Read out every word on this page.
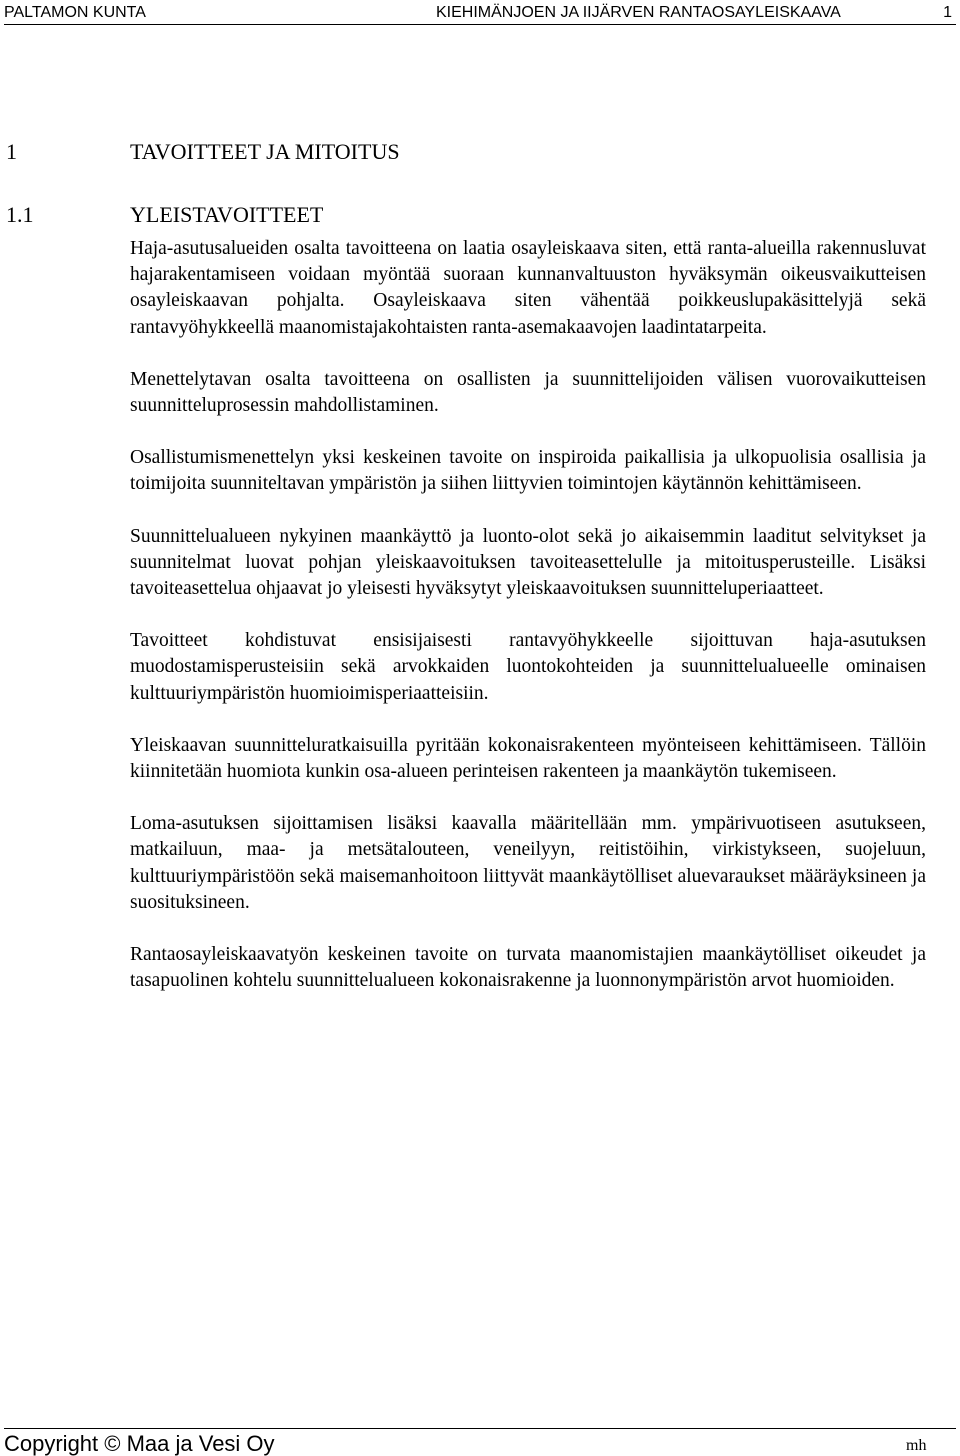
PALTAMON KUNTA	KIEHIMÄNJOEN JA IIJÄRVEN RANTAOSAYLEISKAAVA	1
1	TAVOITTEET JA MITOITUS
1.1	YLEISTAVOITTEET

Haja-asutusalueiden osalta tavoitteena on laatia osayleiskaava siten, että ranta-alueilla rakennusluvat hajarakentamiseen voidaan myöntää suoraan kunnanvaltuuston hyväksymän oikeusvaikutteisen osayleiskaavan pohjalta. Osayleiskaava siten vähentää poikkeuslupakäsittelyjä sekä rantavyöhykkeellä maanomistajakohtaisten ranta-asemakaavojen laadintatarpeita.

Menettelytavan osalta tavoitteena on osallisten ja suunnittelijoiden välisen vuorovaikutteisen suunnitteluprosessin mahdollistaminen.

Osallistumismenettelyn yksi keskeinen tavoite on inspiroida paikallisia ja ulkopuolisia osallisia ja toimijoita suunniteltavan ympäristön ja siihen liittyvien toimintojen käytännön kehittämiseen.

Suunnittelualueen nykyinen maankäyttö ja luonto-olot sekä jo aikaisemmin laaditut selvitykset ja suunnitelmat luovat pohjan yleiskaavoituksen tavoiteasettelulle ja mitoitusperusteille. Lisäksi tavoiteasettelua ohjaavat jo yleisesti hyväksytyt yleiskaavoituksen suunnitteluperiaatteet.

Tavoitteet kohdistuvat ensisijaisesti rantavyöhykkeelle sijoittuvan haja-asutuksen muodostamisperusteisiin sekä arvokkaiden luontokohteiden ja suunnittelualueelle ominaisen kulttuuriympäristön huomioimisperiaatteisiin.

Yleiskaavan suunnitteluratkaisuilla pyritään kokonaisrakenteen myönteiseen kehittämiseen. Tällöin kiinnitetään huomiota kunkin osa-alueen perinteisen rakenteen ja maankäytön tukemiseen.

Loma-asutuksen sijoittamisen lisäksi kaavalla määritellään mm. ympärivuotiseen asutukseen, matkailuun, maa- ja metsätalouteen, veneilyyn, reitistöihin, virkistykseen, suojeluun, kulttuuriympäristöön sekä maisemanhoitoon liittyvät maankäytölliset aluevaraukset määräyksineen ja suosituksineen.

Rantaosayleiskaavatyön keskeinen tavoite on turvata maanomistajien maankäytölliset oikeudet ja tasapuolinen kohtelu suunnittelualueen kokonaisrakenne ja luonnonympäristön arvot huomioiden.

Copyright © Maa ja Vesi Oy	mh
